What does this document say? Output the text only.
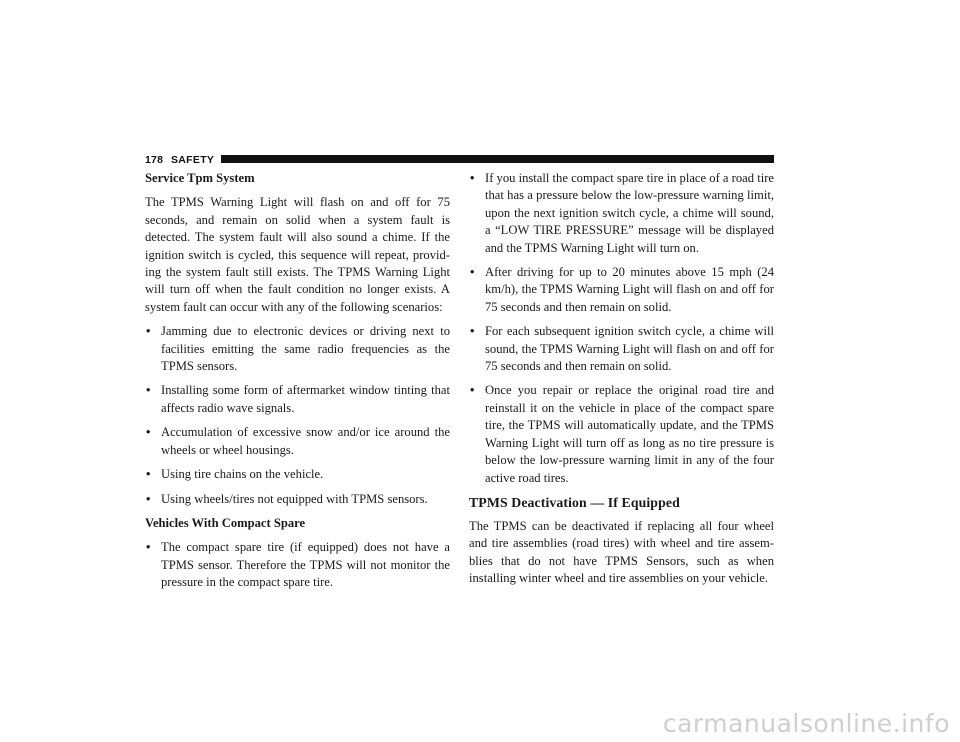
178 SAFETY
Service Tpm System

The TPMS Warning Light will flash on and off for 75 seconds, and remain on solid when a system fault is detected. The system fault will also sound a chime. If the ignition switch is cycled, this sequence will repeat, provid- ing the system fault still exists. The TPMS Warning Light will turn off when the fault condition no longer exists. A system fault can occur with any of the following scenarios:

• Jamming due to electronic devices or driving next to facilities emitting the same radio frequencies as the TPMS sensors.
• Installing some form of aftermarket window tinting that affects radio wave signals.
• Accumulation of excessive snow and/or ice around the wheels or wheel housings.
• Using tire chains on the vehicle.
• Using wheels/tires not equipped with TPMS sensors.
Vehicles With Compact Spare
• The compact spare tire (if equipped) does not have a TPMS sensor. Therefore the TPMS will not monitor the pressure in the compact spare tire.
• If you install the compact spare tire in place of a road tire that has a pressure below the low-pressure warning limit, upon the next ignition switch cycle, a chime will sound, a “LOW TIRE PRESSURE” message will be displayed and the TPMS Warning Light will turn on.
• After driving for up to 20 minutes above 15 mph (24 km/h), the TPMS Warning Light will flash on and off for 75 seconds and then remain on solid.
• For each subsequent ignition switch cycle, a chime will sound, the TPMS Warning Light will flash on and off for 75 seconds and then remain on solid.
• Once you repair or replace the original road tire and reinstall it on the vehicle in place of the compact spare tire, the TPMS will automatically update, and the TPMS Warning Light will turn off as long as no tire pressure is below the low-pressure warning limit in any of the four active road tires.
TPMS Deactivation — If Equipped

The TPMS can be deactivated if replacing all four wheel and tire assemblies (road tires) with wheel and tire assem- blies that do not have TPMS Sensors, such as when installing winter wheel and tire assemblies on your vehicle.

carmanualsonline.info
